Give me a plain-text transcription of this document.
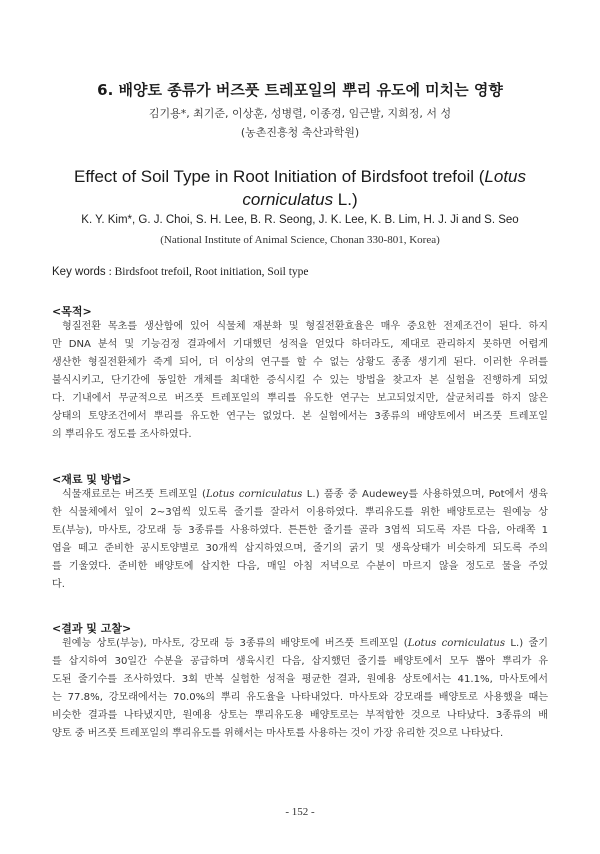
6. 배양토 종류가 버즈풋 트레포일의 뿌리 유도에 미치는 영향
김기용*, 최기준, 이상훈, 성병렬, 이종경, 임근발, 지희정, 서 성
(농촌진흥청 축산과학원)
Effect of Soil Type in Root Initiation of Birdsfoot trefoil (Lotus
corniculatus L.)
K. Y. Kim*, G. J. Choi, S. H. Lee, B. R. Seong, J. K. Lee, K. B. Lim, H. J. Ji and S. Seo
(National Institute of Animal Science, Chonan 330-801, Korea)
Key words : Birdsfoot trefoil, Root initiation, Soil type
<목적>
형질전환 목초를 생산함에 있어 식물체 재분화 및 형질전환효율은 매우 중요한 전제조건이 된다. 하지
만 DNA 분석 및 기능검정 결과에서 기대했던 성적을 얻었다 하더라도, 제대로 관리하지 못하면 어렵게
생산한 형질전환체가 죽게 되어, 더 이상의 연구를 할 수 없는 상황도 종종 생기게 된다. 이러한 우려를
불식시키고, 단기간에 동일한 개체를 최대한 증식시킬 수 있는 방법을 찾고자 본 실험을 진행하게 되었
다. 기내에서 무균적으로 버즈풋 트레포일의 뿌리를 유도한 연구는 보고되었지만, 살균처리를 하지 않은
상태의 토양조건에서 뿌리를 유도한 연구는 없었다. 본 실험에서는 3종류의 배양토에서 버즈풋 트레포일
의 뿌리유도 정도를 조사하였다.
<재료 및 방법>
식물재료로는 버즈풋 트레포일 (Lotus corniculatus L.) 품종 중 Audewey를 사용하였으며, Pot에서 생육
한 식물체에서 잎이 2~3엽씩 있도록 줄기를 잘라서 이용하였다. 뿌리유도를 위한 배양토로는 원예능 상
토(부능), 마사토, 강모래 등 3종류를 사용하였다. 튼튼한 줄기를 골라 3엽씩 되도록 자른 다음, 아래쪽 1
엽을 떼고 준비한 공시토양별로 30개씩 삽지하였으며, 줄기의 굵기 및 생육상태가 비슷하게 되도록 주의
를 기울였다. 준비한 배양토에 삽지한 다음, 매일 아침 저녁으로 수분이 마르지 않을 정도로 물을 주었
다.
<결과 및 고찰>
원예능 상토(부능), 마사토, 강모래 등 3종류의 배양토에 버즈풋 트레포일 (Lotus corniculatus L.) 줄기
를 삽지하여 30일간 수분을 공급하며 생육시킨 다음, 삽지했던 줄기를 배양토에서 모두 뽑아 뿌리가 유
도된 줄기수를 조사하였다. 3회 반복 실험한 성적을 평균한 결과, 원예용 상토에서는 41.1%, 마사토에서
는 77.8%, 강모래에서는 70.0%의 뿌리 유도율을 나타내었다. 마사토와 강모래를 배양토로 사용했을 때는
비슷한 결과를 나타냈지만, 원예용 상토는 뿌리유도용 배양토로는 부적합한 것으로 나타났다. 3종류의 배
양토 중 버즈풋 트레포일의 뿌리유도를 위해서는 마사토를 사용하는 것이 가장 유리한 것으로 나타났다.
- 152 -
